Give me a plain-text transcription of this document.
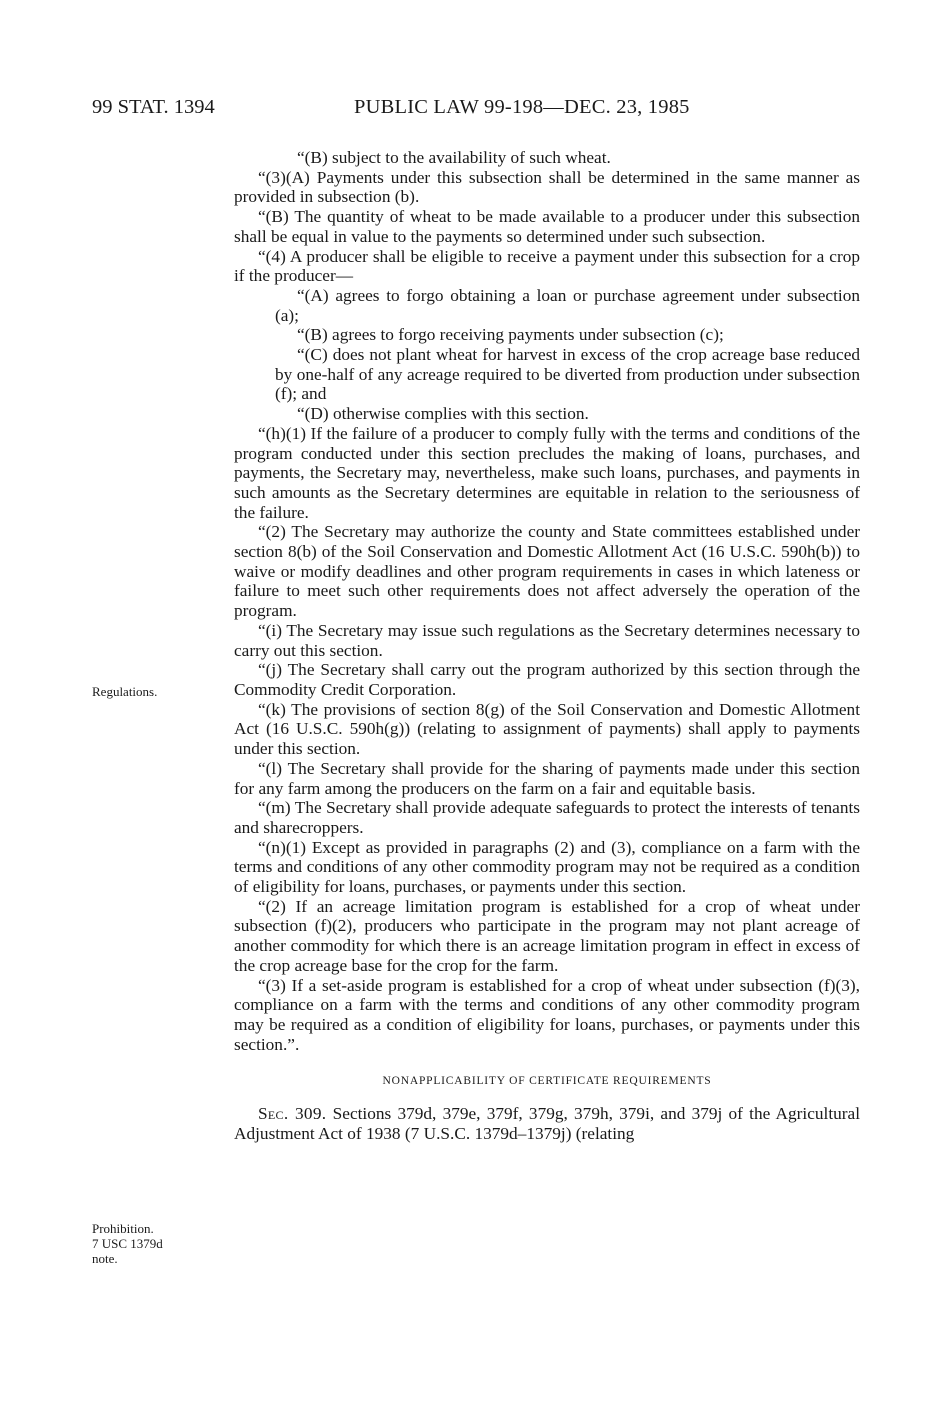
99 STAT. 1394	PUBLIC LAW 99-198—DEC. 23, 1985
Regulations.
Prohibition.
7 USC 1379d
note.

“(B) subject to the availability of such wheat.

“(3)(A) Payments under this subsection shall be determined in the same manner as provided in subsection (b).

“(B) The quantity of wheat to be made available to a producer under this subsection shall be equal in value to the payments so determined under such subsection.

“(4) A producer shall be eligible to receive a payment under this subsection for a crop if the producer—

“(A) agrees to forgo obtaining a loan or purchase agreement under subsection (a);

“(B) agrees to forgo receiving payments under subsection (c);

“(C) does not plant wheat for harvest in excess of the crop acreage base reduced by one-half of any acreage required to be diverted from production under subsection (f); and

“(D) otherwise complies with this section.

“(h)(1) If the failure of a producer to comply fully with the terms and conditions of the program conducted under this section precludes the making of loans, purchases, and payments, the Secretary may, nevertheless, make such loans, purchases, and payments in such amounts as the Secretary determines are equitable in relation to the seriousness of the failure.

“(2) The Secretary may authorize the county and State committees established under section 8(b) of the Soil Conservation and Domestic Allotment Act (16 U.S.C. 590h(b)) to waive or modify deadlines and other program requirements in cases in which lateness or failure to meet such other requirements does not affect adversely the operation of the program.

“(i) The Secretary may issue such regulations as the Secretary determines necessary to carry out this section.

“(j) The Secretary shall carry out the program authorized by this section through the Commodity Credit Corporation.

“(k) The provisions of section 8(g) of the Soil Conservation and Domestic Allotment Act (16 U.S.C. 590h(g)) (relating to assignment of payments) shall apply to payments under this section.

“(l) The Secretary shall provide for the sharing of payments made under this section for any farm among the producers on the farm on a fair and equitable basis.

“(m) The Secretary shall provide adequate safeguards to protect the interests of tenants and sharecroppers.

“(n)(1) Except as provided in paragraphs (2) and (3), compliance on a farm with the terms and conditions of any other commodity program may not be required as a condition of eligibility for loans, purchases, or payments under this section.

“(2) If an acreage limitation program is established for a crop of wheat under subsection (f)(2), producers who participate in the program may not plant acreage of another commodity for which there is an acreage limitation program in effect in excess of the crop acreage base for the crop for the farm.

“(3) If a set-aside program is established for a crop of wheat under subsection (f)(3), compliance on a farm with the terms and conditions of any other commodity program may be required as a condition of eligibility for loans, purchases, or payments under this section.”.

NONAPPLICABILITY OF CERTIFICATE REQUIREMENTS

Sec. 309. Sections 379d, 379e, 379f, 379g, 379h, 379i, and 379j of the Agricultural Adjustment Act of 1938 (7 U.S.C. 1379d–1379j) (relating
